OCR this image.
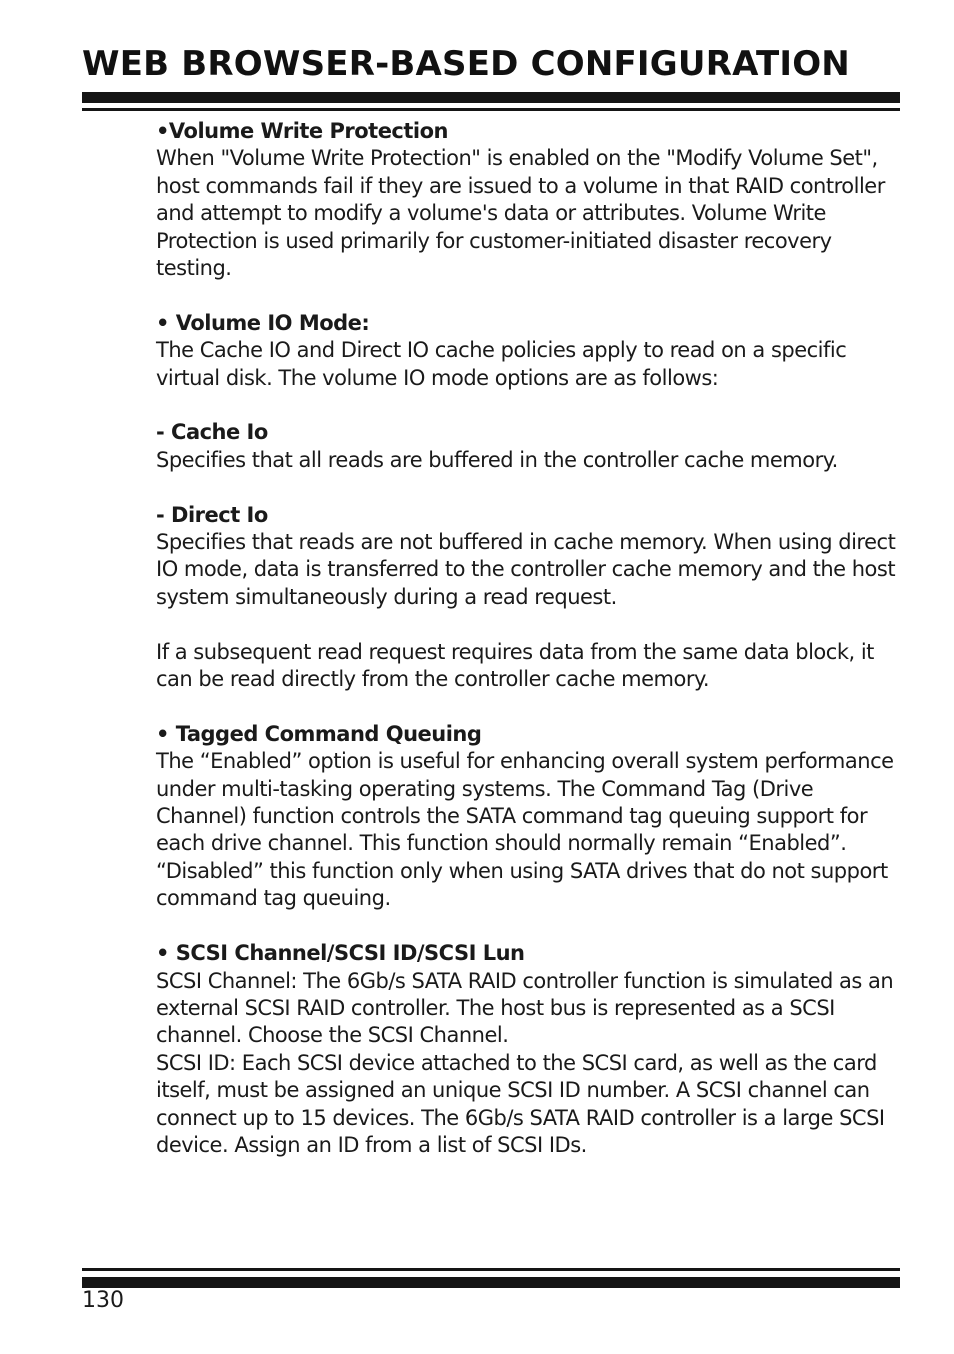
WEB BROWSER-BASED CONFIGURATION
•Volume Write Protection
When "Volume Write Protection" is enabled on the "Modify Volume Set", host commands fail if they are issued to a volume in that RAID controller and attempt to modify a volume's data or attributes. Volume Write Protection is used primarily for customer-initiated disaster recovery testing.
• Volume IO Mode:
The Cache IO and Direct IO cache policies apply to read on a specific virtual disk. The volume IO mode options are as follows:
- Cache Io
Specifies that all reads are buffered in the controller cache memory.
- Direct Io
Specifies that reads are not buffered in cache memory. When using direct IO mode, data is transferred to the controller cache memory and the host system simultaneously during a read request.
If a subsequent read request requires data from the same data block, it can be read directly from the controller cache memory.
• Tagged Command Queuing
The “Enabled” option is useful for enhancing overall system performance under multi-tasking operating systems. The Command Tag (Drive Channel) function controls the SATA command tag queuing support for each drive channel. This function should normally remain “Enabled”. “Disabled” this function only when using SATA drives that do not support command tag queuing.
• SCSI Channel/SCSI ID/SCSI Lun
SCSI Channel: The 6Gb/s SATA RAID controller function is simulated as an external SCSI RAID controller. The host bus is represented as a SCSI channel. Choose the SCSI Channel.
SCSI ID: Each SCSI device attached to the SCSI card, as well as the card itself, must be assigned an unique SCSI ID number. A SCSI channel can connect up to 15 devices. The 6Gb/s SATA RAID controller is a large SCSI device. Assign an ID from a list of SCSI IDs.
130
